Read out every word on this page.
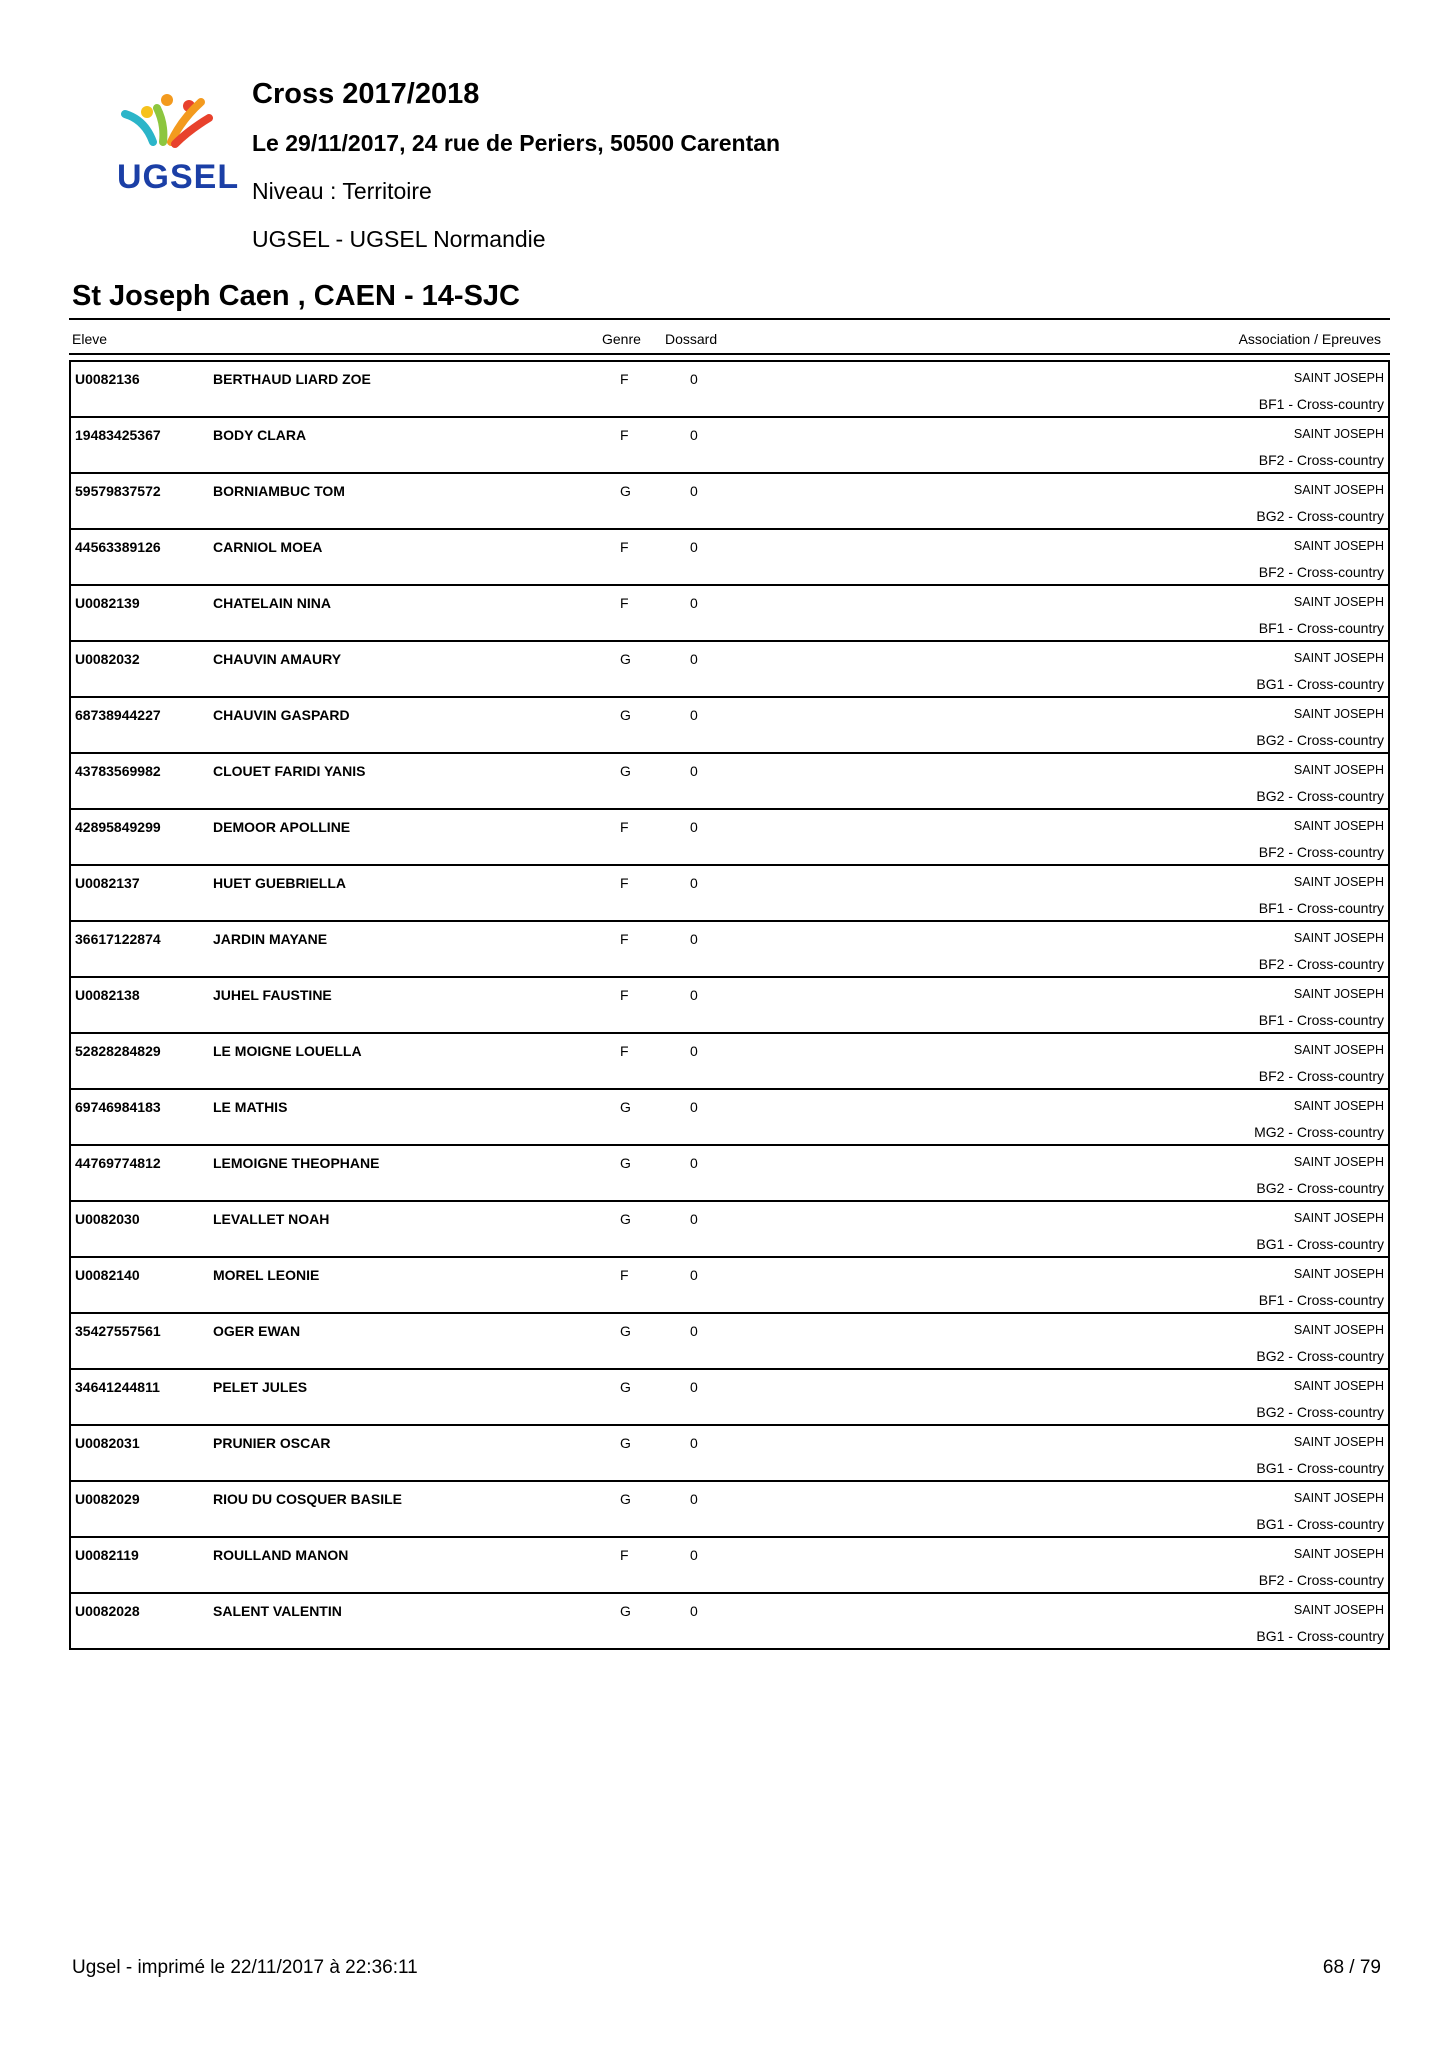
UGSEL
Cross 2017/2018
Le 29/11/2017, 24 rue de Periers, 50500 Carentan
Niveau : Territoire
UGSEL - UGSEL Normandie
St Joseph Caen , CAEN - 14-SJC
Eleve	Genre Dossard	Association / Epreuves
U0082136	BERTHAUD LIARD ZOE	F	0	SAINT JOSEPH
BF1 - Cross-country
19483425367	BODY CLARA	F	0	SAINT JOSEPH
BF2 - Cross-country
59579837572	BORNIAMBUC TOM	G	0	SAINT JOSEPH
BG2 - Cross-country
44563389126	CARNIOL MOEA	F	0	SAINT JOSEPH
BF2 - Cross-country
U0082139	CHATELAIN NINA	F	0	SAINT JOSEPH
BF1 - Cross-country
U0082032	CHAUVIN AMAURY	G	0	SAINT JOSEPH
BG1 - Cross-country
68738944227	CHAUVIN GASPARD	G	0	SAINT JOSEPH
BG2 - Cross-country
43783569982	CLOUET FARIDI YANIS	G	0	SAINT JOSEPH
BG2 - Cross-country
42895849299	DEMOOR APOLLINE	F	0	SAINT JOSEPH
BF2 - Cross-country
U0082137	HUET GUEBRIELLA	F	0	SAINT JOSEPH
BF1 - Cross-country
36617122874	JARDIN MAYANE	F	0	SAINT JOSEPH
BF2 - Cross-country
U0082138	JUHEL FAUSTINE	F	0	SAINT JOSEPH
BF1 - Cross-country
52828284829	LE MOIGNE LOUELLA	F	0	SAINT JOSEPH
BF2 - Cross-country
69746984183	LE MATHIS	G	0	SAINT JOSEPH
MG2 - Cross-country
44769774812	LEMOIGNE THEOPHANE	G	0	SAINT JOSEPH
BG2 - Cross-country
U0082030	LEVALLET NOAH	G	0	SAINT JOSEPH
BG1 - Cross-country
U0082140	MOREL LEONIE	F	0	SAINT JOSEPH
BF1 - Cross-country
35427557561	OGER EWAN	G	0	SAINT JOSEPH
BG2 - Cross-country
34641244811	PELET JULES	G	0	SAINT JOSEPH
BG2 - Cross-country
U0082031	PRUNIER OSCAR	G	0	SAINT JOSEPH
BG1 - Cross-country
U0082029	RIOU DU COSQUER BASILE	G	0	SAINT JOSEPH
BG1 - Cross-country
U0082119	ROULLAND MANON	F	0	SAINT JOSEPH
BF2 - Cross-country
U0082028	SALENT VALENTIN	G	0	SAINT JOSEPH
BG1 - Cross-country
Ugsel - imprimé le 22/11/2017 à 22:36:11	68 / 79
